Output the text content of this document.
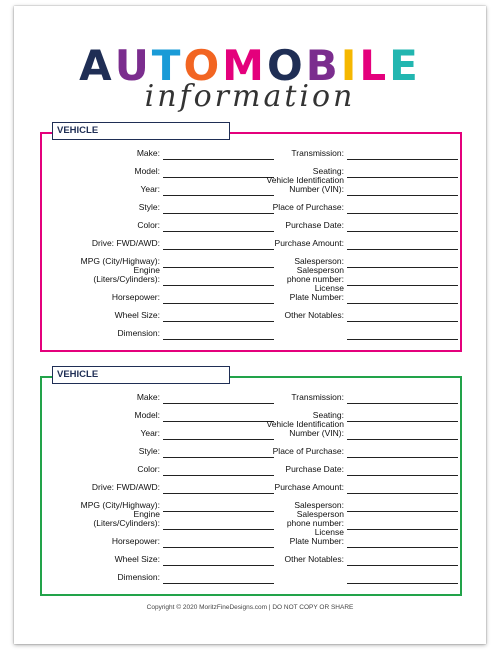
AUTOMOBILE
information
VEHICLE
Make:
Model:
Year:
Style:
Color:
Drive: FWD/AWD:
MPG (City/Highway):
Engine
(Liters/Cylinders):
Horsepower:
Wheel Size:
Dimension:
Transmission:
Seating:
Vehicle Identification
Number (VIN):
Place of Purchase:
Purchase Date:
Purchase Amount:
Salesperson:
Salesperson
phone number:
License
Plate Number:
Other Notables:
VEHICLE
Make:
Model:
Year:
Style:
Color:
Drive: FWD/AWD:
MPG (City/Highway):
Engine
(Liters/Cylinders):
Horsepower:
Wheel Size:
Dimension:
Transmission:
Seating:
Vehicle Identification
Number (VIN):
Place of Purchase:
Purchase Date:
Purchase Amount:
Salesperson:
Salesperson
phone number:
License
Plate Number:
Other Notables:
Copyright © 2020 MoritzFineDesigns.com | DO NOT COPY OR SHARE
